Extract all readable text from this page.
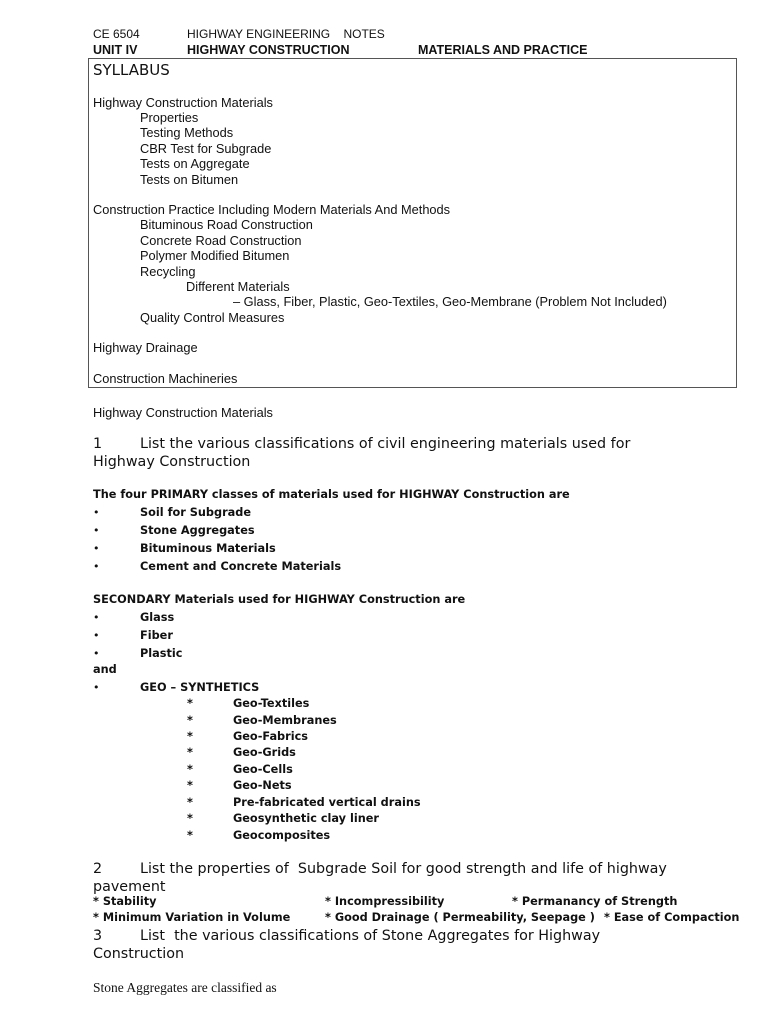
CE 6504	HIGHWAY ENGINEERING    NOTES
UNIT IV	HIGHWAY CONSTRUCTION	MATERIALS AND PRACTICE
SYLLABUS
Highway Construction Materials
Properties
Testing Methods
CBR Test for Subgrade
Tests on Aggregate
Tests on Bitumen
Construction Practice Including Modern Materials And Methods
Bituminous Road Construction
Concrete Road Construction
Polymer Modified Bitumen
Recycling
Different Materials
– Glass, Fiber, Plastic, Geo-Textiles, Geo-Membrane (Problem Not Included)
Quality Control Measures
Highway Drainage
Construction Machineries
Highway Construction Materials
1	List the various classifications of civil engineering materials used for
Highway Construction
The four PRIMARY classes of materials used for HIGHWAY Construction are
•	Soil for Subgrade
•	Stone Aggregates
•	Bituminous Materials
•	Cement and Concrete Materials
SECONDARY Materials used for HIGHWAY Construction are
•	Glass
•	Fiber
•	Plastic
and
•	GEO – SYNTHETICS
*	Geo-Textiles
*	Geo-Membranes
*	Geo-Fabrics
*	Geo-Grids
*	Geo-Cells
*	Geo-Nets
*	Pre-fabricated vertical drains
*	Geosynthetic clay liner
*	Geocomposites
2	List the properties of  Subgrade Soil for good strength and life of highway
pavement
* Stability	* Incompressibility	* Permanancy of Strength
* Minimum Variation in Volume	* Good Drainage ( Permeability, Seepage ) * Ease of Compaction
3	List  the various classifications of Stone Aggregates for Highway
Construction
Stone Aggregates are classified as
